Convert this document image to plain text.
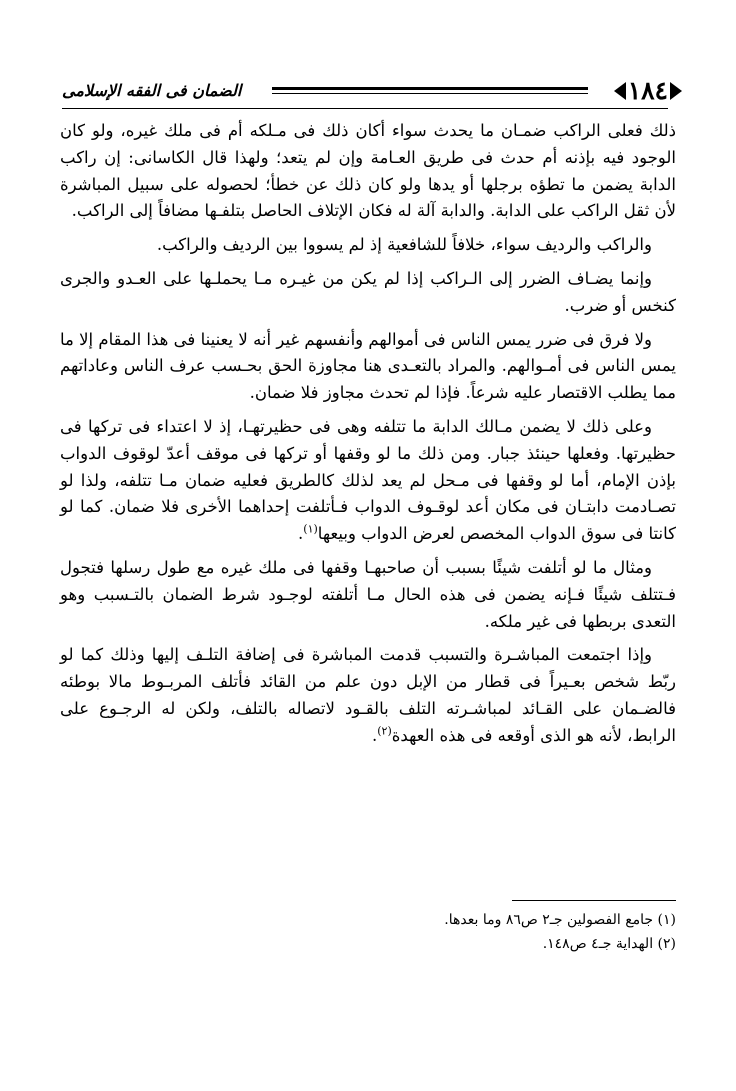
١٨٤
الضمان فى الفقه الإسلامى

ذلك فعلى الراكب ضمـان ما يحدث سواء أكان ذلك فى مـلكه أم فى ملك غيره، ولو كان الوجود فيه بإذنه أم حدث فى طريق العـامة وإن لم يتعد؛ ولهذا قال الكاسانى: إن راكب الدابة يضمن ما تطؤه برجلها أو يدها ولو كان ذلك عن خطأ؛ لحصوله على سبيل المباشرة لأن ثقل الراكب على الدابة. والدابة آلة له فكان الإتلاف الحاصل بتلفـها مضافاً إلى الراكب.

والراكب والرديف سواء، خلافاً للشافعية إذ لم يسووا بين الرديف والراكب.

وإنما يضـاف الضرر إلى الـراكب إذا لم يكن من غيـره مـا يحملـها على العـدو والجرى كنخس أو ضرب.

ولا فرق فى ضرر يمس الناس فى أموالهم وأنفسهم غير أنه لا يعنينا فى هذا المقام إلا ما يمس الناس فى أمـوالهم. والمراد بالتعـدى هنا مجاوزة الحق بحـسب عرف الناس وعاداتهم مما يطلب الاقتصار عليه شرعاً. فإذا لم تحدث مجاوز فلا ضمان.

وعلى ذلك لا يضمن مـالك الدابة ما تتلفه وهى فى حظيرتهـا، إذ لا اعتداء فى تركها فى حظيرتها. وفعلها حينئذ جبار. ومن ذلك ما لو وقفها أو تركها فى موقف أعدّ لوقوف الدواب بإذن الإمام، أما لو وقفها فى مـحل لم يعد لذلك كالطريق فعليه ضمان مـا تتلفه، ولذا لو تصـادمت دابتـان فى مكان أعد لوقـوف الدواب فـأتلفت إحداهما الأخرى فلا ضمان. كما لو كانتا فى سوق الدواب المخصص لعرض الدواب وبيعها$^{(١)}$.

ومثال ما لو أتلفت شيئًا بسبب أن صاحبهـا وقفها فى ملك غيره مع طول رسلها فتجول فـتتلف شيئًا فـإنه يضمن فى هذه الحال مـا أتلفته لوجـود شرط الضمان بالتـسبب وهو التعدى بربطها فى غير ملكه.

وإذا اجتمعت المباشـرة والتسبب قدمت المباشرة فى إضافة التلـف إليها وذلك كما لو ربّط شخص بعـيراً فى قطار من الإبل دون علم من القائد فأتلف المربـوط مالا بوطئه فالضـمان على القـائد لمباشـرته التلف بالقـود لاتصاله بالتلف، ولكن له الرجـوع على الرابط، لأنه هو الذى أوقعه فى هذه العهدة$^{(٢)}$.

(١) جامع الفصولين جـ٢ ص٨٦ وما بعدها.
(٢) الهداية جـ٤ ص١٤٨.
